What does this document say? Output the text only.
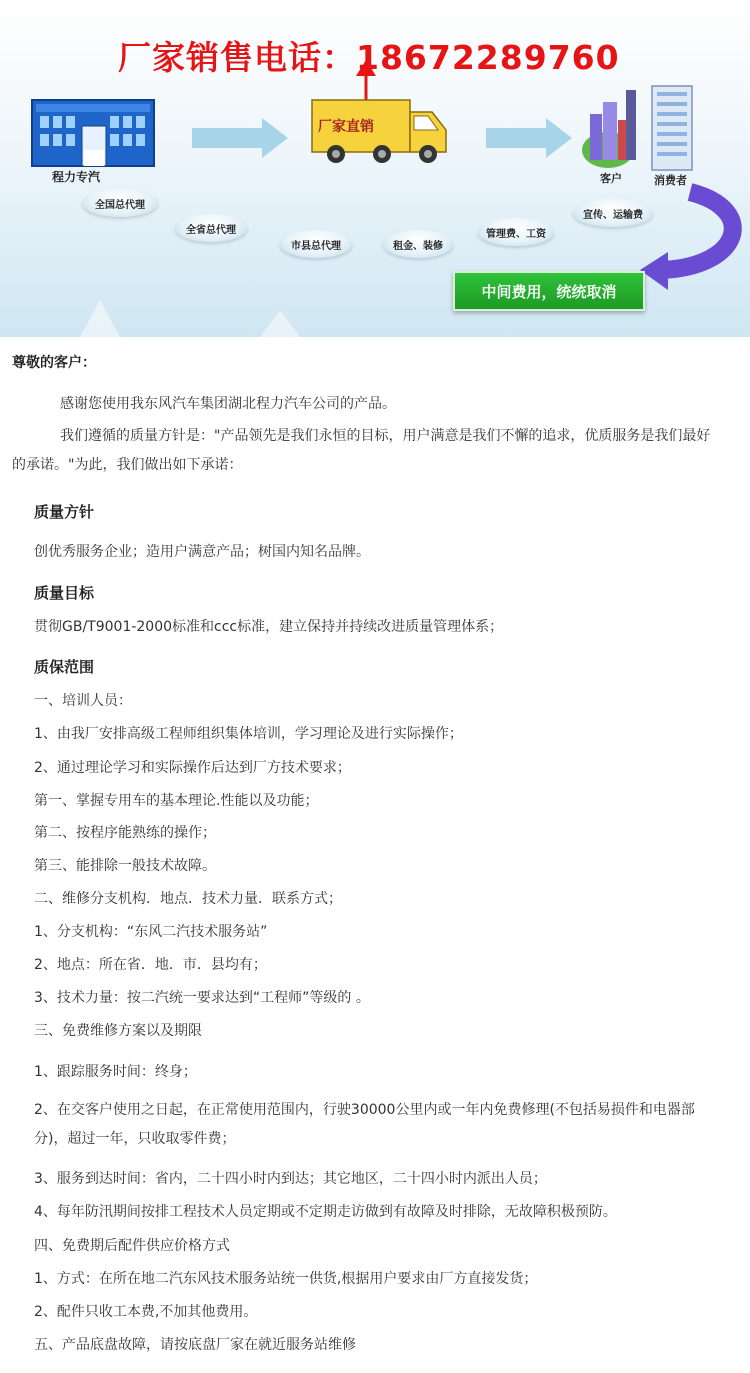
厂家销售电话：18672289760
程力专汽
厂家直销
客户	消费者
全国总代理
全省总代理
市县总代理	租金、装修
管理费、工资
宣传、运输费
中间费用，统统取消
尊敬的客户：
感谢您使用我东风汽车集团湖北程力汽车公司的产品。
我们遵循的质量方针是："产品领先是我们永恒的目标，用户满意是我们不懈的追求，优质服务是我们最好的承诺。"为此，我们做出如下承诺：
质量方针
创优秀服务企业；造用户满意产品；树国内知名品牌。
质量目标
贯彻GB/T9001-2000标准和ccc标准，建立保持并持续改进质量管理体系；
质保范围
一、培训人员：
1、由我厂安排高级工程师组织集体培训，学习理论及进行实际操作；
2、通过理论学习和实际操作后达到厂方技术要求；
第一、掌握专用车的基本理论.性能以及功能；
第二、按程序能熟练的操作；
第三、能排除一般技术故障。
二、维修分支机构．地点．技术力量．联系方式；
1、分支机构：“东风二汽技术服务站”
2、地点：所在省．地．市．县均有；
3、技术力量：按二汽统一要求达到“工程师”等级的 。
三、免费维修方案以及期限
1、跟踪服务时间：终身；
2、在交客户使用之日起，在正常使用范围内，行驶30000公里内或一年内免费修理(不包括易损件和电器部分)，超过一年，只收取零件费；
3、服务到达时间：省内，二十四小时内到达；其它地区，二十四小时内派出人员；
4、每年防汛期间按排工程技术人员定期或不定期走访做到有故障及时排除，无故障积极预防。
四、免费期后配件供应价格方式
1、方式：在所在地二汽东风技术服务站统一供货,根据用户要求由厂方直接发货；
2、配件只收工本费,不加其他费用。
五、产品底盘故障，请按底盘厂家在就近服务站维修
